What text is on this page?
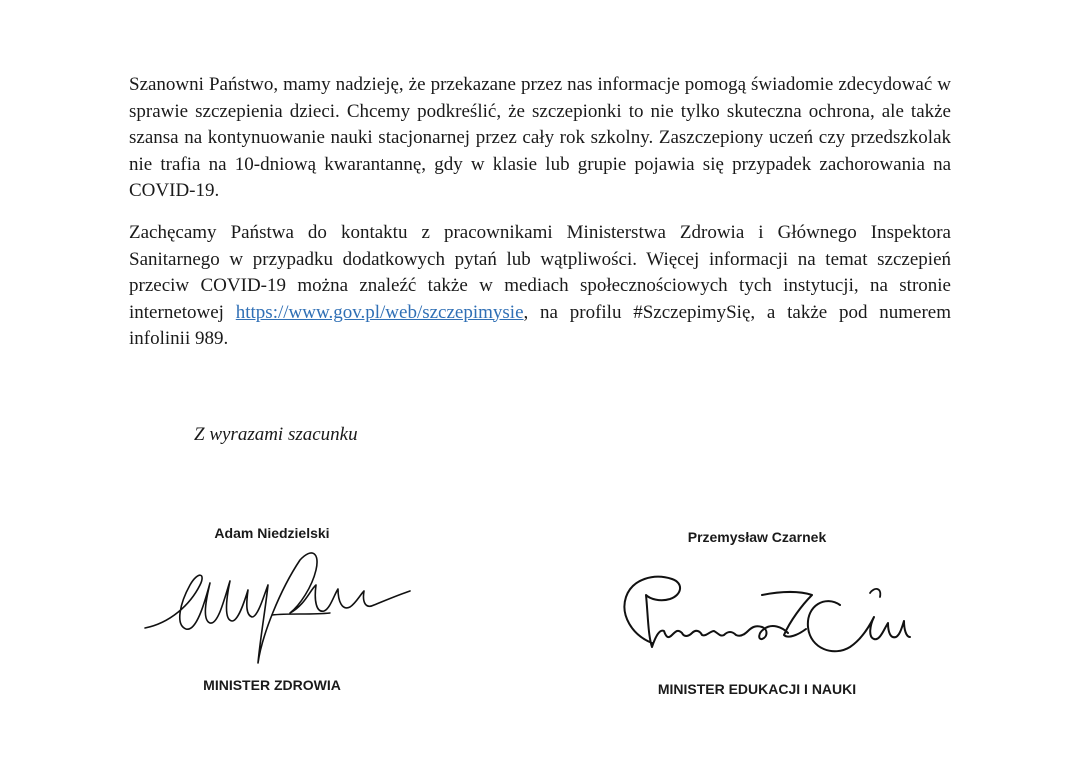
Szanowni Państwo, mamy nadzieję, że przekazane przez nas informacje pomogą świadomie zdecydować w sprawie szczepienia dzieci. Chcemy podkreślić, że szczepionki to nie tylko skuteczna ochrona, ale także szansa na kontynuowanie nauki stacjonarnej przez cały rok szkolny. Zaszczepiony uczeń czy przedszkolak nie trafia na 10-dniową kwarantannę, gdy w klasie lub grupie pojawia się przypadek zachorowania na COVID-19.

Zachęcamy Państwa do kontaktu z pracownikami Ministerstwa Zdrowia i Głównego Inspektora Sanitarnego w przypadku dodatkowych pytań lub wątpliwości. Więcej informacji na temat szczepień przeciw COVID-19 można znaleźć także w mediach społecznościowych tych instytucji, na stronie internetowej https://www.gov.pl/web/szczepimysie, na profilu #SzczepimySię, a także pod numerem infolinii 989.

Z wyrazami szacunku

Adam Niedzielski

MINISTER ZDROWIA

Przemysław Czarnek

MINISTER EDUKACJI I NAUKI
